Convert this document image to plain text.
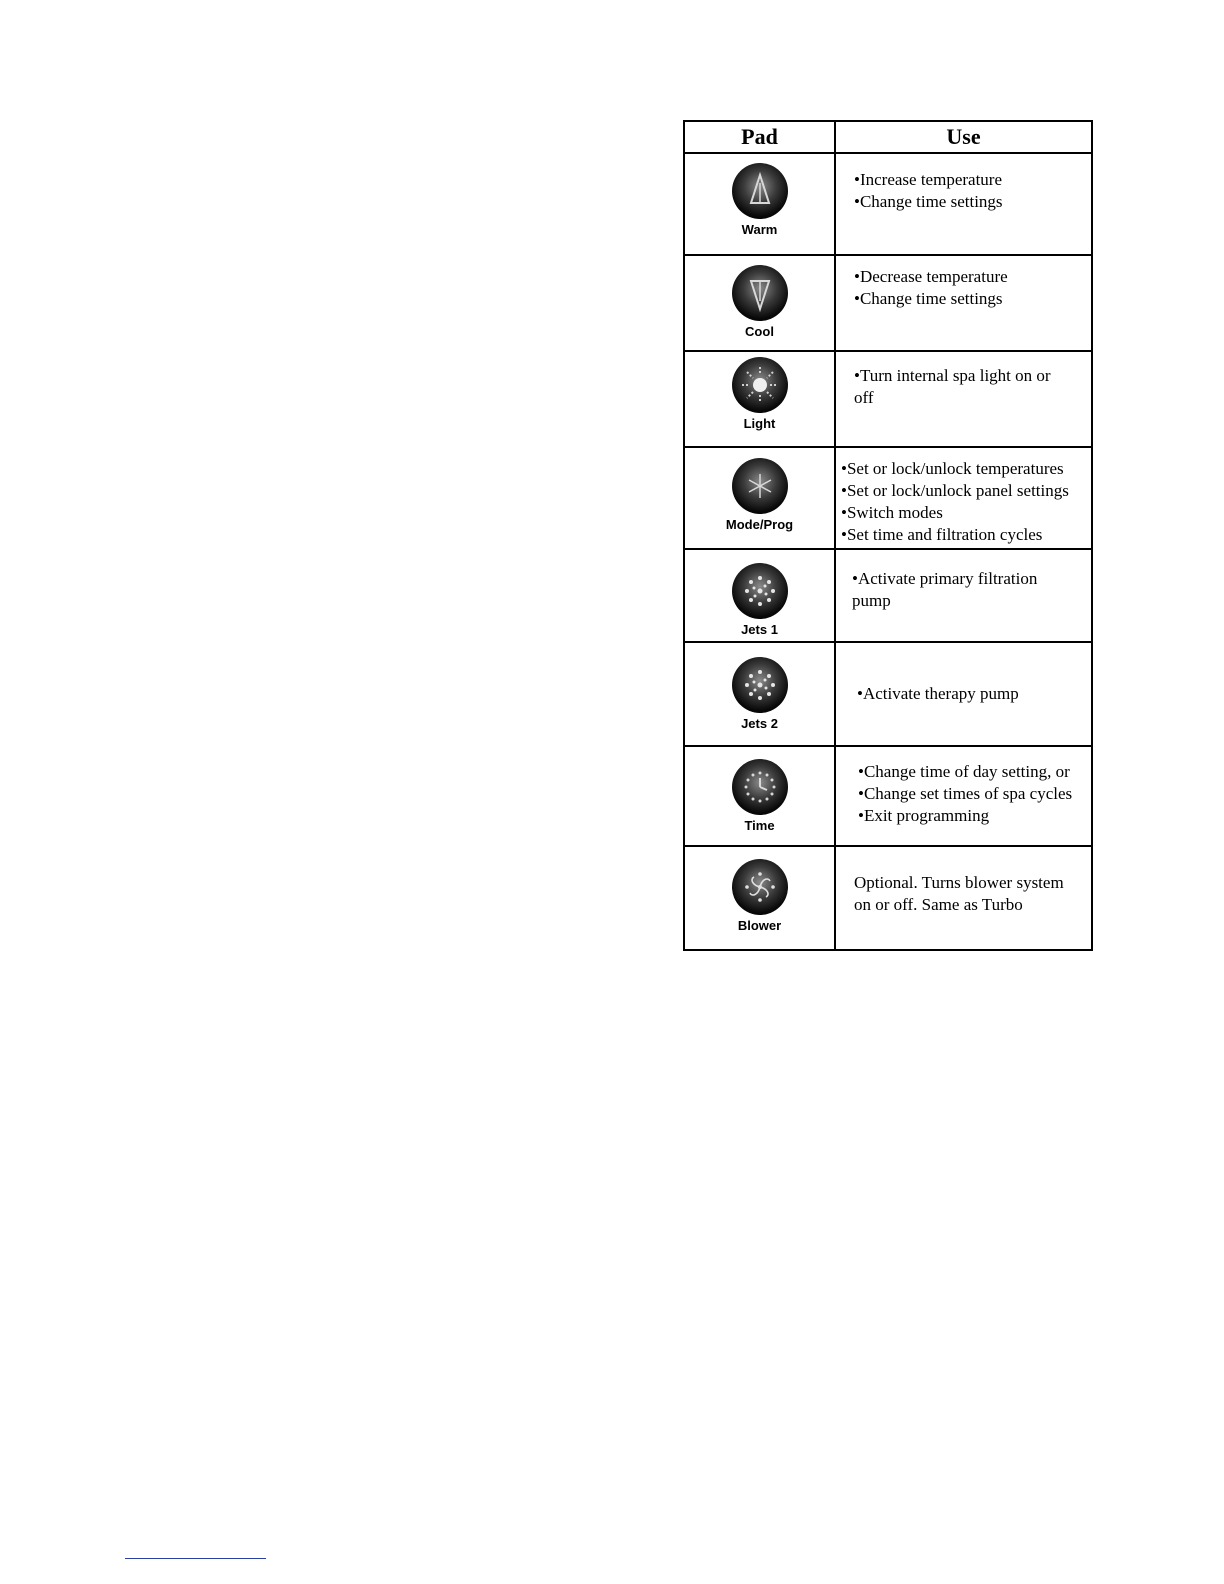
Pad	Use

Warm	•Increase temperature
•Change time settings

Cool	•Decrease temperature
•Change time settings

Light	•Turn internal spa light on or
off

Mode/Prog	•Set or lock/unlock temperatures
•Set or lock/unlock panel settings
•Switch modes
•Set time and filtration cycles

Jets 1	•Activate primary filtration
pump

Jets 2	•Activate therapy pump

Time	•Change time of day setting, or
•Change set times of spa cycles
•Exit programming

Blower	Optional. Turns blower system
on or off. Same as Turbo
